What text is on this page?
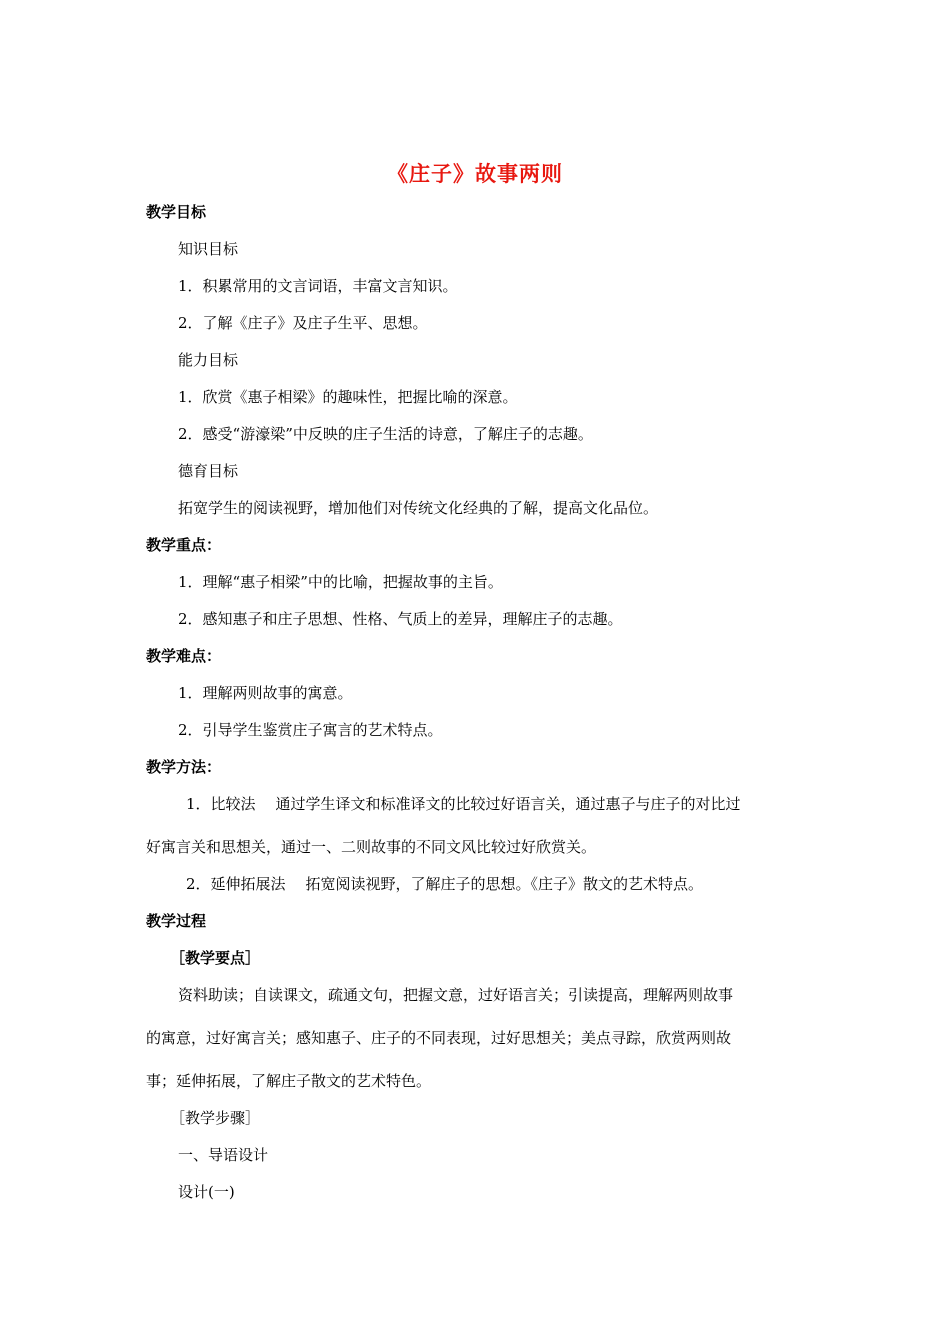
《庄子》故事两则
教学目标
知识目标
1．积累常用的文言词语，丰富文言知识。
2．了解《庄子》及庄子生平、思想。
能力目标
1．欣赏《惠子相梁》的趣味性，把握比喻的深意。
2．感受“游濠梁”中反映的庄子生活的诗意，了解庄子的志趣。
德育目标
拓宽学生的阅读视野，增加他们对传统文化经典的了解，提高文化品位。
教学重点：
1．理解“惠子相梁”中的比喻，把握故事的主旨。
2．感知惠子和庄子思想、性格、气质上的差异，理解庄子的志趣。
教学难点：
1．理解两则故事的寓意。
2．引导学生鉴赏庄子寓言的艺术特点。
教学方法：
1．比较法 通过学生译文和标准译文的比较过好语言关，通过惠子与庄子的对比过
好寓言关和思想关，通过一、二则故事的不同文风比较过好欣赏关。
2．延伸拓展法 拓宽阅读视野，了解庄子的思想。《庄子》散文的艺术特点。
教学过程
［教学要点］
资料助读；自读课文，疏通文句，把握文意，过好语言关；引读提高，理解两则故事
的寓意，过好寓言关；感知惠子、庄子的不同表现，过好思想关；美点寻踪，欣赏两则故
事；延伸拓展，了解庄子散文的艺术特色。
［教学步骤］
一、导语设计
设计(一)
